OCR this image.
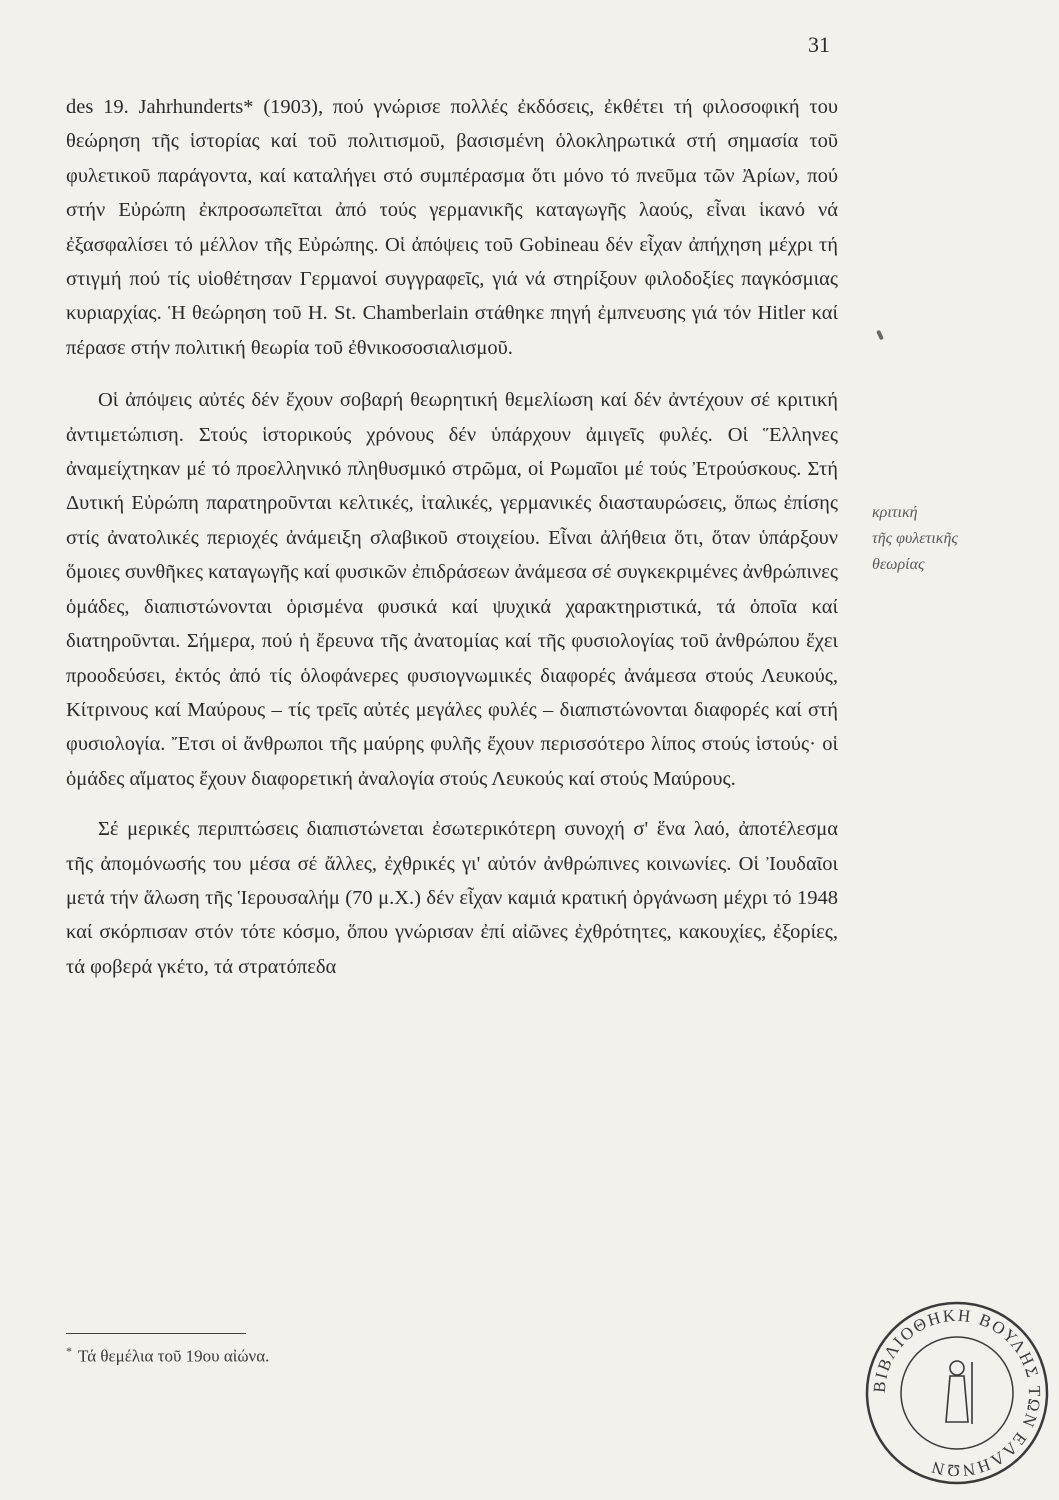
31

des 19. Jahrhunderts* (1903), πού γνώρισε πολλές ἐκδόσεις, ἐκθέτει τή φιλοσοφική του θεώρηση τῆς ἱστορίας καί τοῦ πολιτισμοῦ, βασισμένη ὁλοκληρωτικά στή σημασία τοῦ φυλετικοῦ παράγοντα, καί καταλήγει στό συμπέρασμα ὅτι μόνο τό πνεῦμα τῶν Ἀρίων, πού στήν Εὐρώπη ἐκπροσωπεῖται ἀπό τούς γερμανικῆς καταγωγῆς λαούς, εἶναι ἱκανό νά ἐξασφαλίσει τό μέλλον τῆς Εὐρώπης. Οἱ ἀπόψεις τοῦ Gobineau δέν εἶχαν ἀπήχηση μέχρι τή στιγμή πού τίς υἱοθέτησαν Γερμανοί συγγραφεῖς, γιά νά στηρίξουν φιλοδοξίες παγκόσμιας κυριαρχίας. Ἡ θεώρηση τοῦ H. St. Chamberlain στάθηκε πηγή ἐμπνευσης γιά τόν Hitler καί πέρασε στήν πολιτική θεωρία τοῦ ἐθνικοσοσιαλισμοῦ.

Οἱ ἀπόψεις αὐτές δέν ἔχουν σοβαρή θεωρητική θεμελίωση καί δέν ἀντέχουν σέ κριτική ἀντιμετώπιση. Στούς ἱστορικούς χρόνους δέν ὑπάρχουν ἀμιγεῖς φυλές. Οἱ Ἕλληνες ἀναμείχτηκαν μέ τό προελληνικό πληθυσμικό στρῶμα, οἱ Ρωμαῖοι μέ τούς Ἐτρούσκους. Στή Δυτική Εὐρώπη παρατηροῦνται κελτικές, ἰταλικές, γερμανικές διασταυρώσεις, ὅπως ἐπίσης στίς ἀνατολικές περιοχές ἀνάμειξη σλαβικοῦ στοιχείου. Εἶναι ἀλήθεια ὅτι, ὅταν ὑπάρξουν ὅμοιες συνθῆκες καταγωγῆς καί φυσικῶν ἐπιδράσεων ἀνάμεσα σέ συγκεκριμένες ἀνθρώπινες ὁμάδες, διαπιστώνονται ὁρισμένα φυσικά καί ψυχικά χαρακτηριστικά, τά ὁποῖα καί διατηροῦνται. Σήμερα, πού ἡ ἔρευνα τῆς ἀνατομίας καί τῆς φυσιολογίας τοῦ ἀνθρώπου ἔχει προοδεύσει, ἐκτός ἀπό τίς ὁλοφάνερες φυσιογνωμικές διαφορές ἀνάμεσα στούς Λευκούς, Κίτρινους καί Μαύρους – τίς τρεῖς αὐτές μεγάλες φυλές – διαπιστώνονται διαφορές καί στή φυσιολογία. Ἔτσι οἱ ἄνθρωποι τῆς μαύρης φυλῆς ἔχουν περισσότερο λίπος στούς ἱστούς· οἱ ὁμάδες αἵματος ἔχουν διαφορετική ἀναλογία στούς Λευκούς καί στούς Μαύρους.

Σέ μερικές περιπτώσεις διαπιστώνεται ἐσωτερικότερη συνοχή σ' ἕνα λαό, ἀποτέλεσμα τῆς ἀπομόνωσής του μέσα σέ ἄλλες, ἐχθρικές γι' αὐτόν ἀνθρώπινες κοινωνίες. Οἱ Ἰουδαῖοι μετά τήν ἅλωση τῆς Ἱερουσαλήμ (70 μ.Χ.) δέν εἶχαν καμιά κρατική ὀργάνωση μέχρι τό 1948 καί σκόρπισαν στόν τότε κόσμο, ὅπου γνώρισαν ἐπί αἰῶνες ἐχθρότητες, κακουχίες, ἐξορίες, τά φοβερά γκέτο, τά στρατόπεδα

κριτική
τῆς φυλετικῆς
θεωρίας
* Τά θεμέλια τοῦ 19ου αἰώνα.
ΒΙΒΛΙΟΘΗΚΗ ΒΟΥΛΗΣ ΤΩΝ ΕΛΛΗΝΩΝ
